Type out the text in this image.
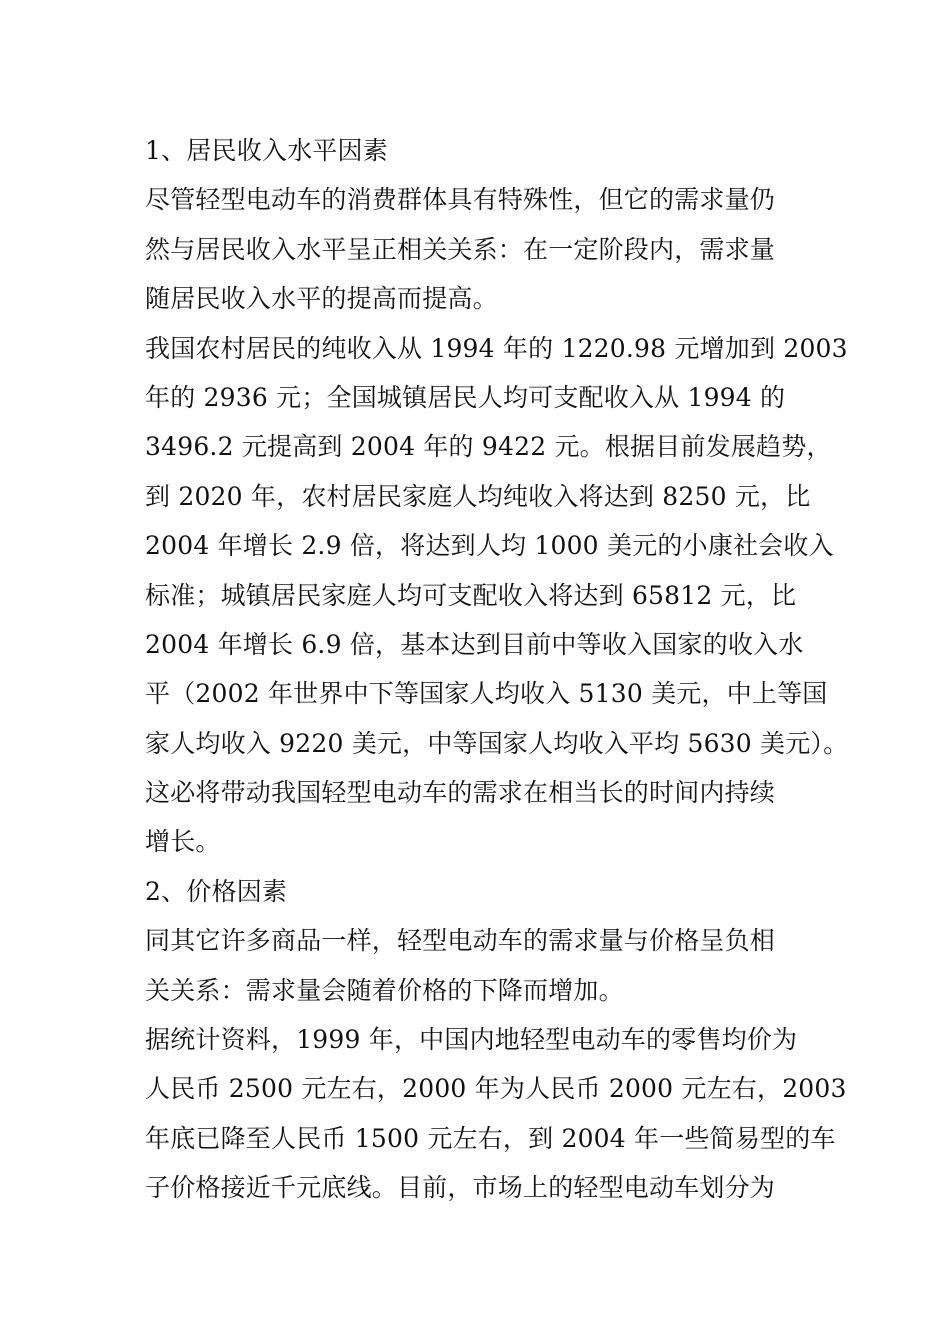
1、居民收入水平因素
尽管轻型电动车的消费群体具有特殊性，但它的需求量仍
然与居民收入水平呈正相关关系：在一定阶段内，需求量
随居民收入水平的提高而提高。
我国农村居民的纯收入从 1994 年的 1220.98 元增加到 2003
年的 2936 元；全国城镇居民人均可支配收入从 1994 的
3496.2 元提高到 2004 年的 9422 元。根据目前发展趋势，
到 2020 年，农村居民家庭人均纯收入将达到 8250 元，比
2004 年增长 2.9 倍，将达到人均 1000 美元的小康社会收入
标准；城镇居民家庭人均可支配收入将达到 65812 元，比
2004 年增长 6.9 倍，基本达到目前中等收入国家的收入水
平（2002 年世界中下等国家人均收入 5130 美元，中上等国
家人均收入 9220 美元，中等国家人均收入平均 5630 美元）。
这必将带动我国轻型电动车的需求在相当长的时间内持续
增长。
2、价格因素
同其它许多商品一样，轻型电动车的需求量与价格呈负相
关关系：需求量会随着价格的下降而增加。
据统计资料，1999 年，中国内地轻型电动车的零售均价为
人民币 2500 元左右，2000 年为人民币 2000 元左右，2003
年底已降至人民币 1500 元左右，到 2004 年一些简易型的车
子价格接近千元底线。目前，市场上的轻型电动车划分为
